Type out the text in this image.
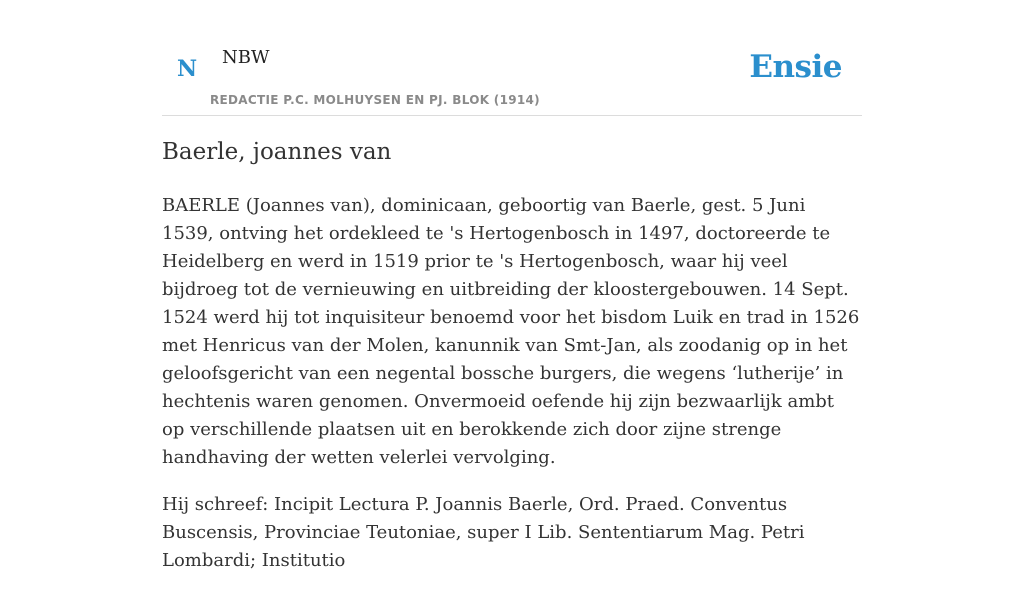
N NBW
REDACTIE P.C. MOLHUYSEN EN PJ. BLOK (1914)
Ensie
Baerle, joannes van

BAERLE (Joannes van), dominicaan, geboortig van Baerle, gest. 5 Juni 1539, ontving het ordekleed te 's Hertogenbosch in 1497, doctoreerde te Heidelberg en werd in 1519 prior te 's Hertogenbosch, waar hij veel bijdroeg tot de vernieuwing en uitbreiding der kloostergebouwen. 14 Sept. 1524 werd hij tot inquisiteur benoemd voor het bisdom Luik en trad in 1526 met Henricus van der Molen, kanunnik van Smt-Jan, als zoodanig op in het geloofsgericht van een negental bossche burgers, die wegens ‘lutherije’ in hechtenis waren genomen. Onvermoeid oefende hij zijn bezwaarlijk ambt op verschillende plaatsen uit en berokkende zich door zijne strenge handhaving der wetten velerlei vervolging.

Hij schreef: Incipit Lectura P. Joannis Baerle, Ord. Praed. Conventus Buscensis, Provinciae Teutoniae, super I Lib. Sententiarum Mag. Petri Lombardi; Institutio
